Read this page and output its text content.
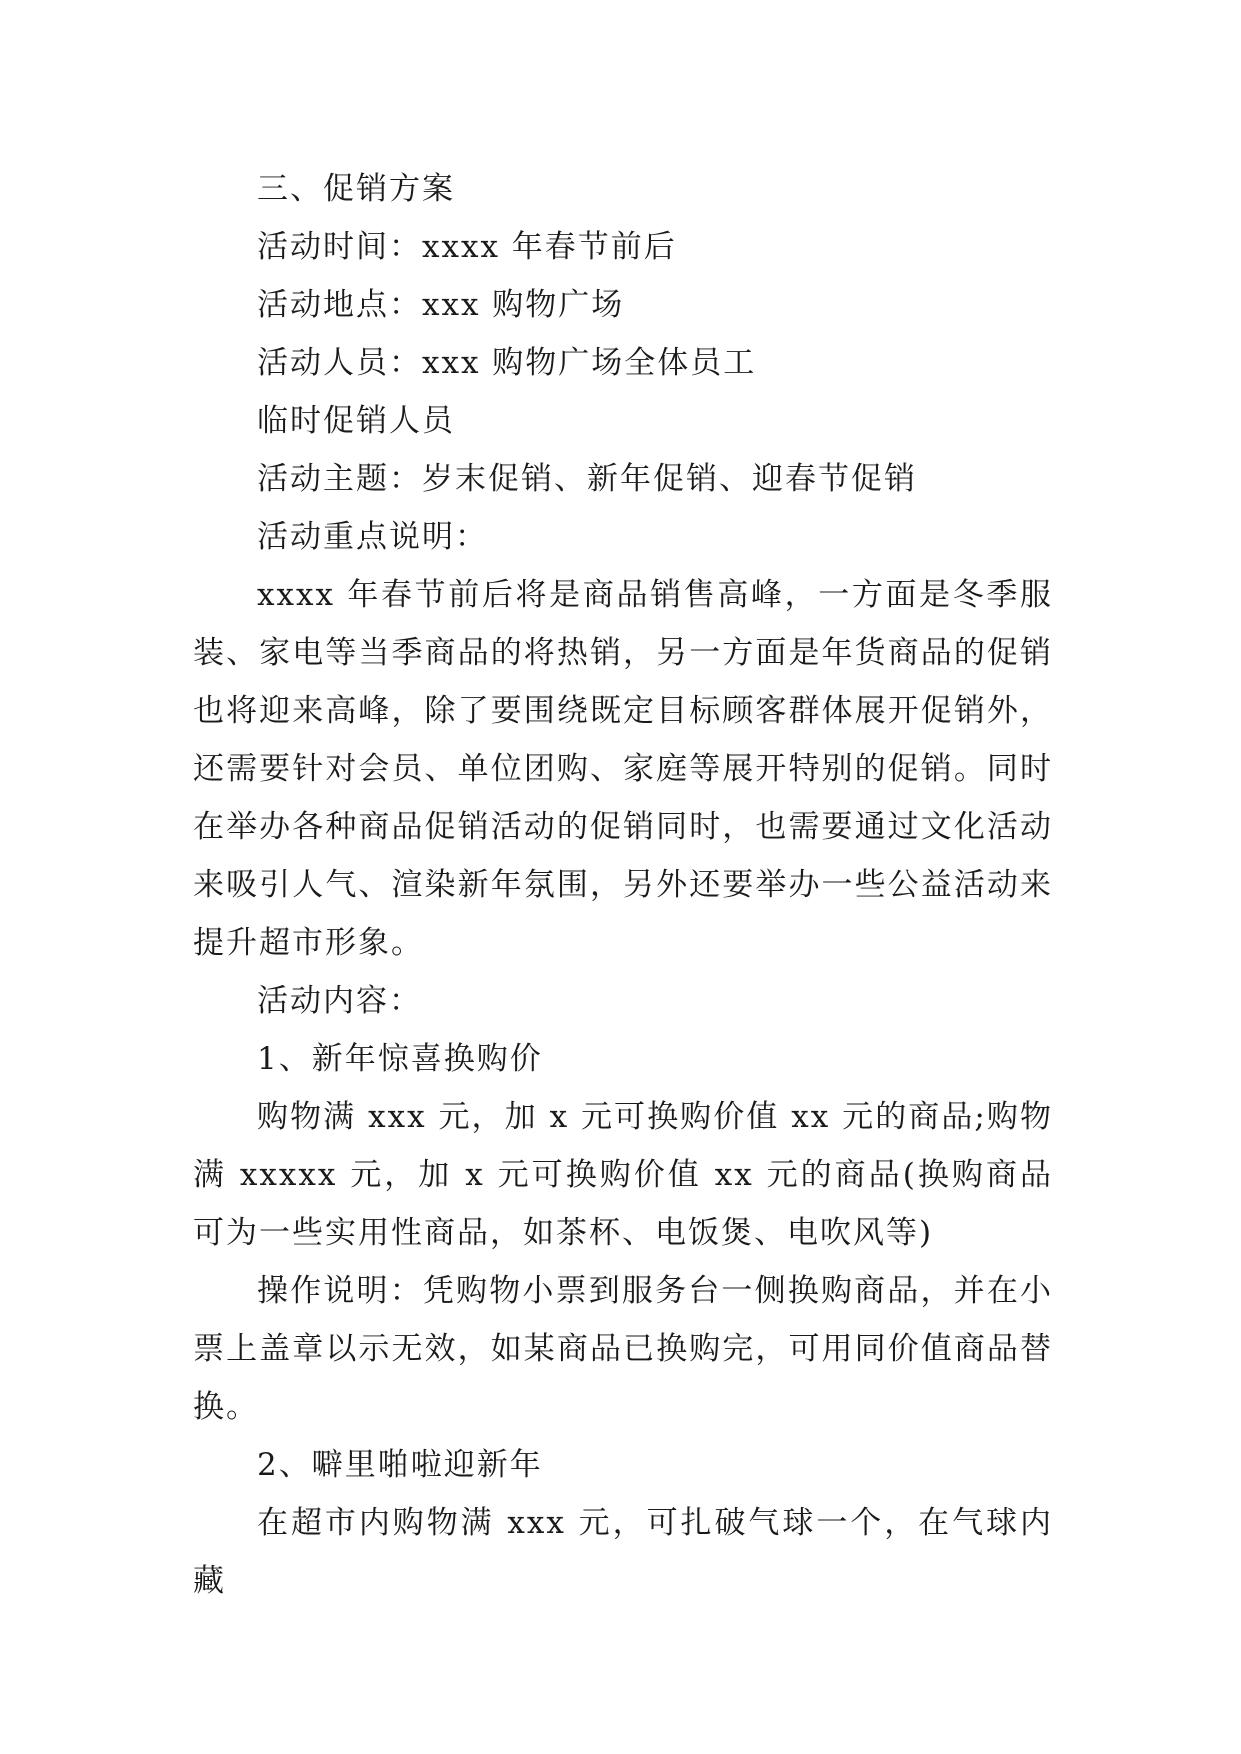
三、促销方案

活动时间：xxxx 年春节前后

活动地点：xxx 购物广场

活动人员：xxx 购物广场全体员工

临时促销人员

活动主题：岁末促销、新年促销、迎春节促销

活动重点说明：

xxxx 年春节前后将是商品销售高峰，一方面是冬季服装、家电等当季商品的将热销，另一方面是年货商品的促销也将迎来高峰，除了要围绕既定目标顾客群体展开促销外，还需要针对会员、单位团购、家庭等展开特别的促销。同时在举办各种商品促销活动的促销同时，也需要通过文化活动来吸引人气、渲染新年氛围，另外还要举办一些公益活动来提升超市形象。

活动内容：

1、新年惊喜换购价

购物满 xxx 元，加 x 元可换购价值 xx 元的商品;购物满 xxxxx 元，加 x 元可换购价值 xx 元的商品(换购商品可为一些实用性商品，如茶杯、电饭煲、电吹风等)

操作说明：凭购物小票到服务台一侧换购商品，并在小票上盖章以示无效，如某商品已换购完，可用同价值商品替换。

2、噼里啪啦迎新年

在超市内购物满 xxx 元，可扎破气球一个，在气球内藏
